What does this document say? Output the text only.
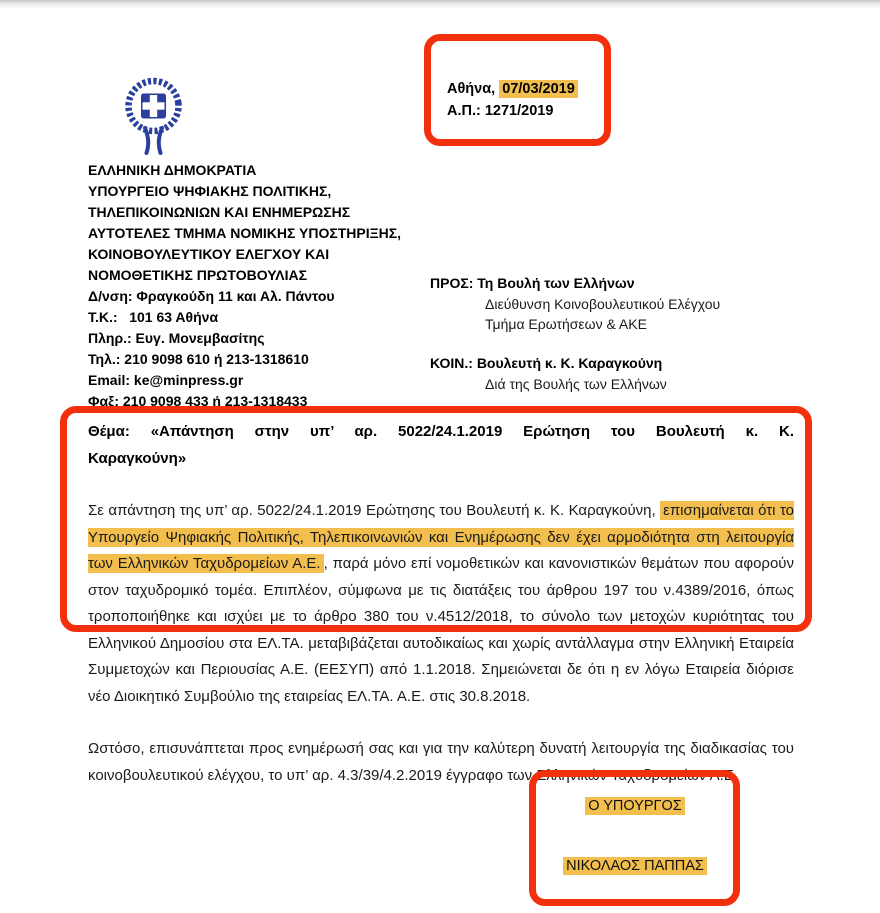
ΕΛΛΗΝΙΚΗ ΔΗΜΟΚΡΑΤΙΑ
ΥΠΟΥΡΓΕΙΟ ΨΗΦΙΑΚΗΣ ΠΟΛΙΤΙΚΗΣ,
ΤΗΛΕΠΙΚΟΙΝΩΝΙΩΝ ΚΑΙ ΕΝΗΜΕΡΩΣΗΣ
ΑΥΤΟΤΕΛΕΣ ΤΜΗΜΑ ΝΟΜΙΚΗΣ ΥΠΟΣΤΗΡΙΞΗΣ,
ΚΟΙΝΟΒΟΥΛΕΥΤΙΚΟΥ ΕΛΕΓΧΟΥ ΚΑΙ
ΝΟΜΟΘΕΤΙΚΗΣ ΠΡΩΤΟΒΟΥΛΙΑΣ
Δ/νση: Φραγκούδη 11 και Αλ. Πάντου
Τ.Κ.:   101 63 Αθήνα
Πληρ.: Ευγ. Μονεμβασίτης
Τηλ.: 210 9098 610 ή 213-1318610
Email: ke@minpress.gr
Φαξ: 210 9098 433 ή 213-1318433
Αθήνα, 07/03/2019
Α.Π.: 1271/2019
ΠΡΟΣ: Τη Βουλή των Ελλήνων
Διεύθυνση Κοινοβουλευτικού Ελέγχου
Τμήμα Ερωτήσεων & ΑΚΕ
ΚΟΙΝ.: Βουλευτή κ. Κ. Καραγκούνη
Διά της Βουλής των Ελλήνων
Θέμα: «Απάντηση στην υπ’ αρ. 5022/24.1.2019 Ερώτηση του Βουλευτή κ. Κ.
Καραγκούνη»

Σε απάντηση της υπ’ αρ. 5022/24.1.2019 Ερώτησης του Βουλευτή κ. Κ. Καραγκούνη, επισημαίνεται ότι το Υπουργείο Ψηφιακής Πολιτικής, Τηλεπικοινωνιών και Ενημέρωσης δεν έχει αρμοδιότητα στη λειτουργία των Ελληνικών Ταχυδρομείων Α.Ε. , παρά μόνο επί νομοθετικών και κανονιστικών θεμάτων που αφορούν στον ταχυδρομικό τομέα. Επιπλέον, σύμφωνα με τις διατάξεις του άρθρου 197 του ν.4389/2016, όπως τροποποιήθηκε και ισχύει με το άρθρο 380 του ν.4512/2018, το σύνολο των μετοχών κυριότητας του Ελληνικού Δημοσίου στα ΕΛ.ΤΑ. μεταβιβάζεται αυτοδικαίως και χωρίς αντάλλαγμα στην Ελληνική Εταιρεία Συμμετοχών και Περιουσίας Α.Ε. (ΕΕΣΥΠ) από 1.1.2018. Σημειώνεται δε ότι η εν λόγω Εταιρεία διόρισε νέο Διοικητικό Συμβούλιο της εταιρείας ΕΛ.ΤΑ. Α.Ε. στις 30.8.2018.

Ωστόσο, επισυνάπτεται προς ενημέρωσή σας και για την καλύτερη δυνατή λειτουργία της διαδικασίας του κοινοβουλευτικού ελέγχου, το υπ’ αρ. 4.3/39/4.2.2019 έγγραφο των Ελληνικών Ταχυδρομείων Α.Ε.

Ο ΥΠΟΥΡΓΟΣ
ΝΙΚΟΛΑΟΣ ΠΑΠΠΑΣ
